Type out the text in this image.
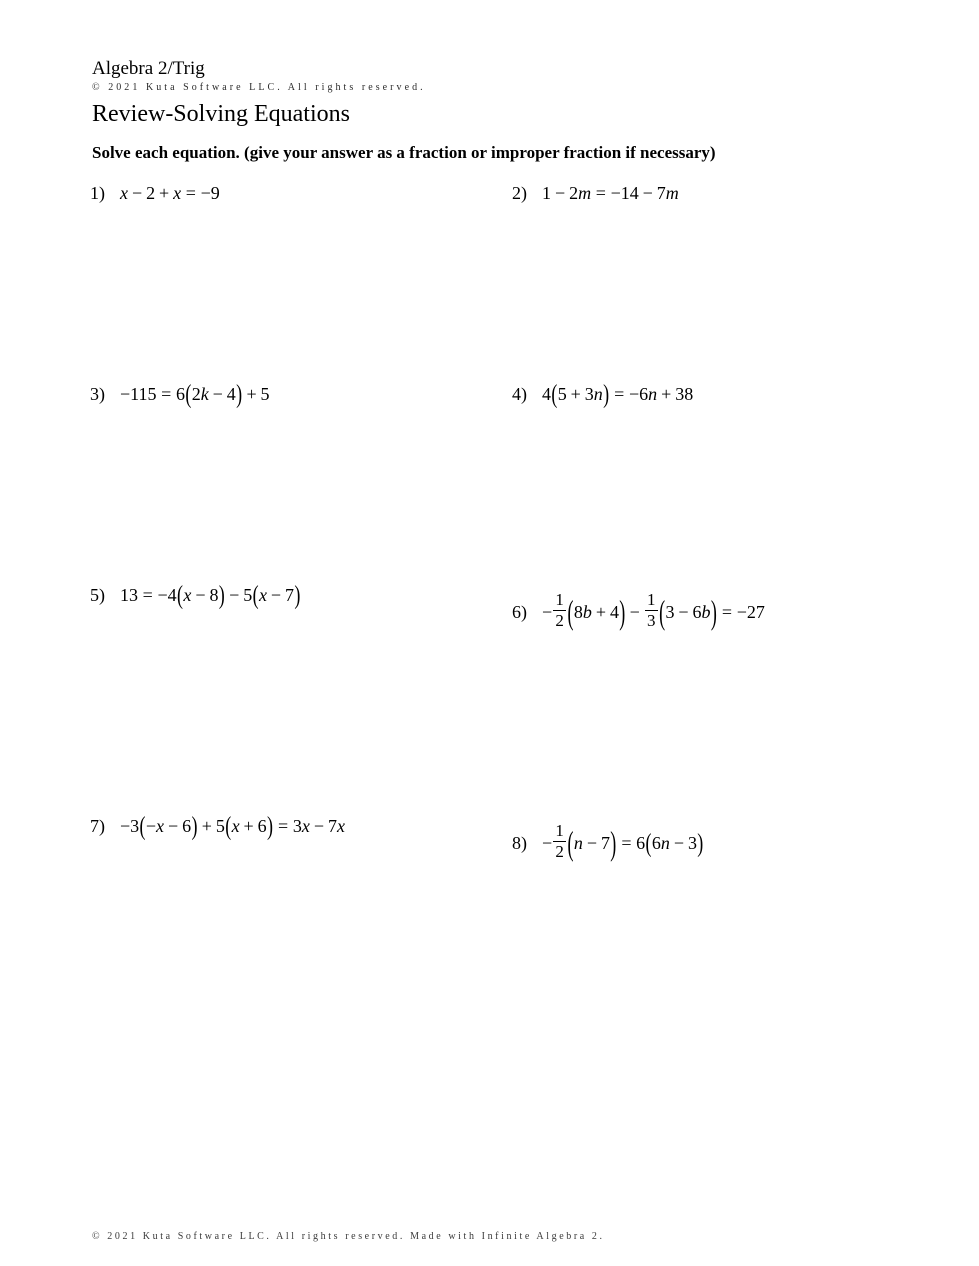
Algebra 2/Trig
© 2021 Kuta Software LLC. All rights reserved.
Review-Solving Equations
Solve each equation. (give your answer as a fraction or improper fraction if necessary)
1) x − 2 + x = −9	2) 1 − 2 m = −14 − 7 m
3) −115 = 6 ( 2 k − 4 ) + 5	4) 4 ( 5 + 3 n ) = −6 n + 38
5) 13 = −4 ( x − 8 ) − 5 ( x − 7 )
$6) - \frac{1}{2}$ ( 8 b + 4 ) − $\frac{1}{3}$ ( 3 − 6 b ) = −27
7) −3 ( − x − 6 ) + 5 ( x + 6 ) = 3 x − 7 x
$8) - \frac{1}{2}$ ( n − 7 ) = 6 ( 6 n − 3 )
© 2021 Kuta Software LLC. All rights reserved. Made with Infinite Algebra 2.
